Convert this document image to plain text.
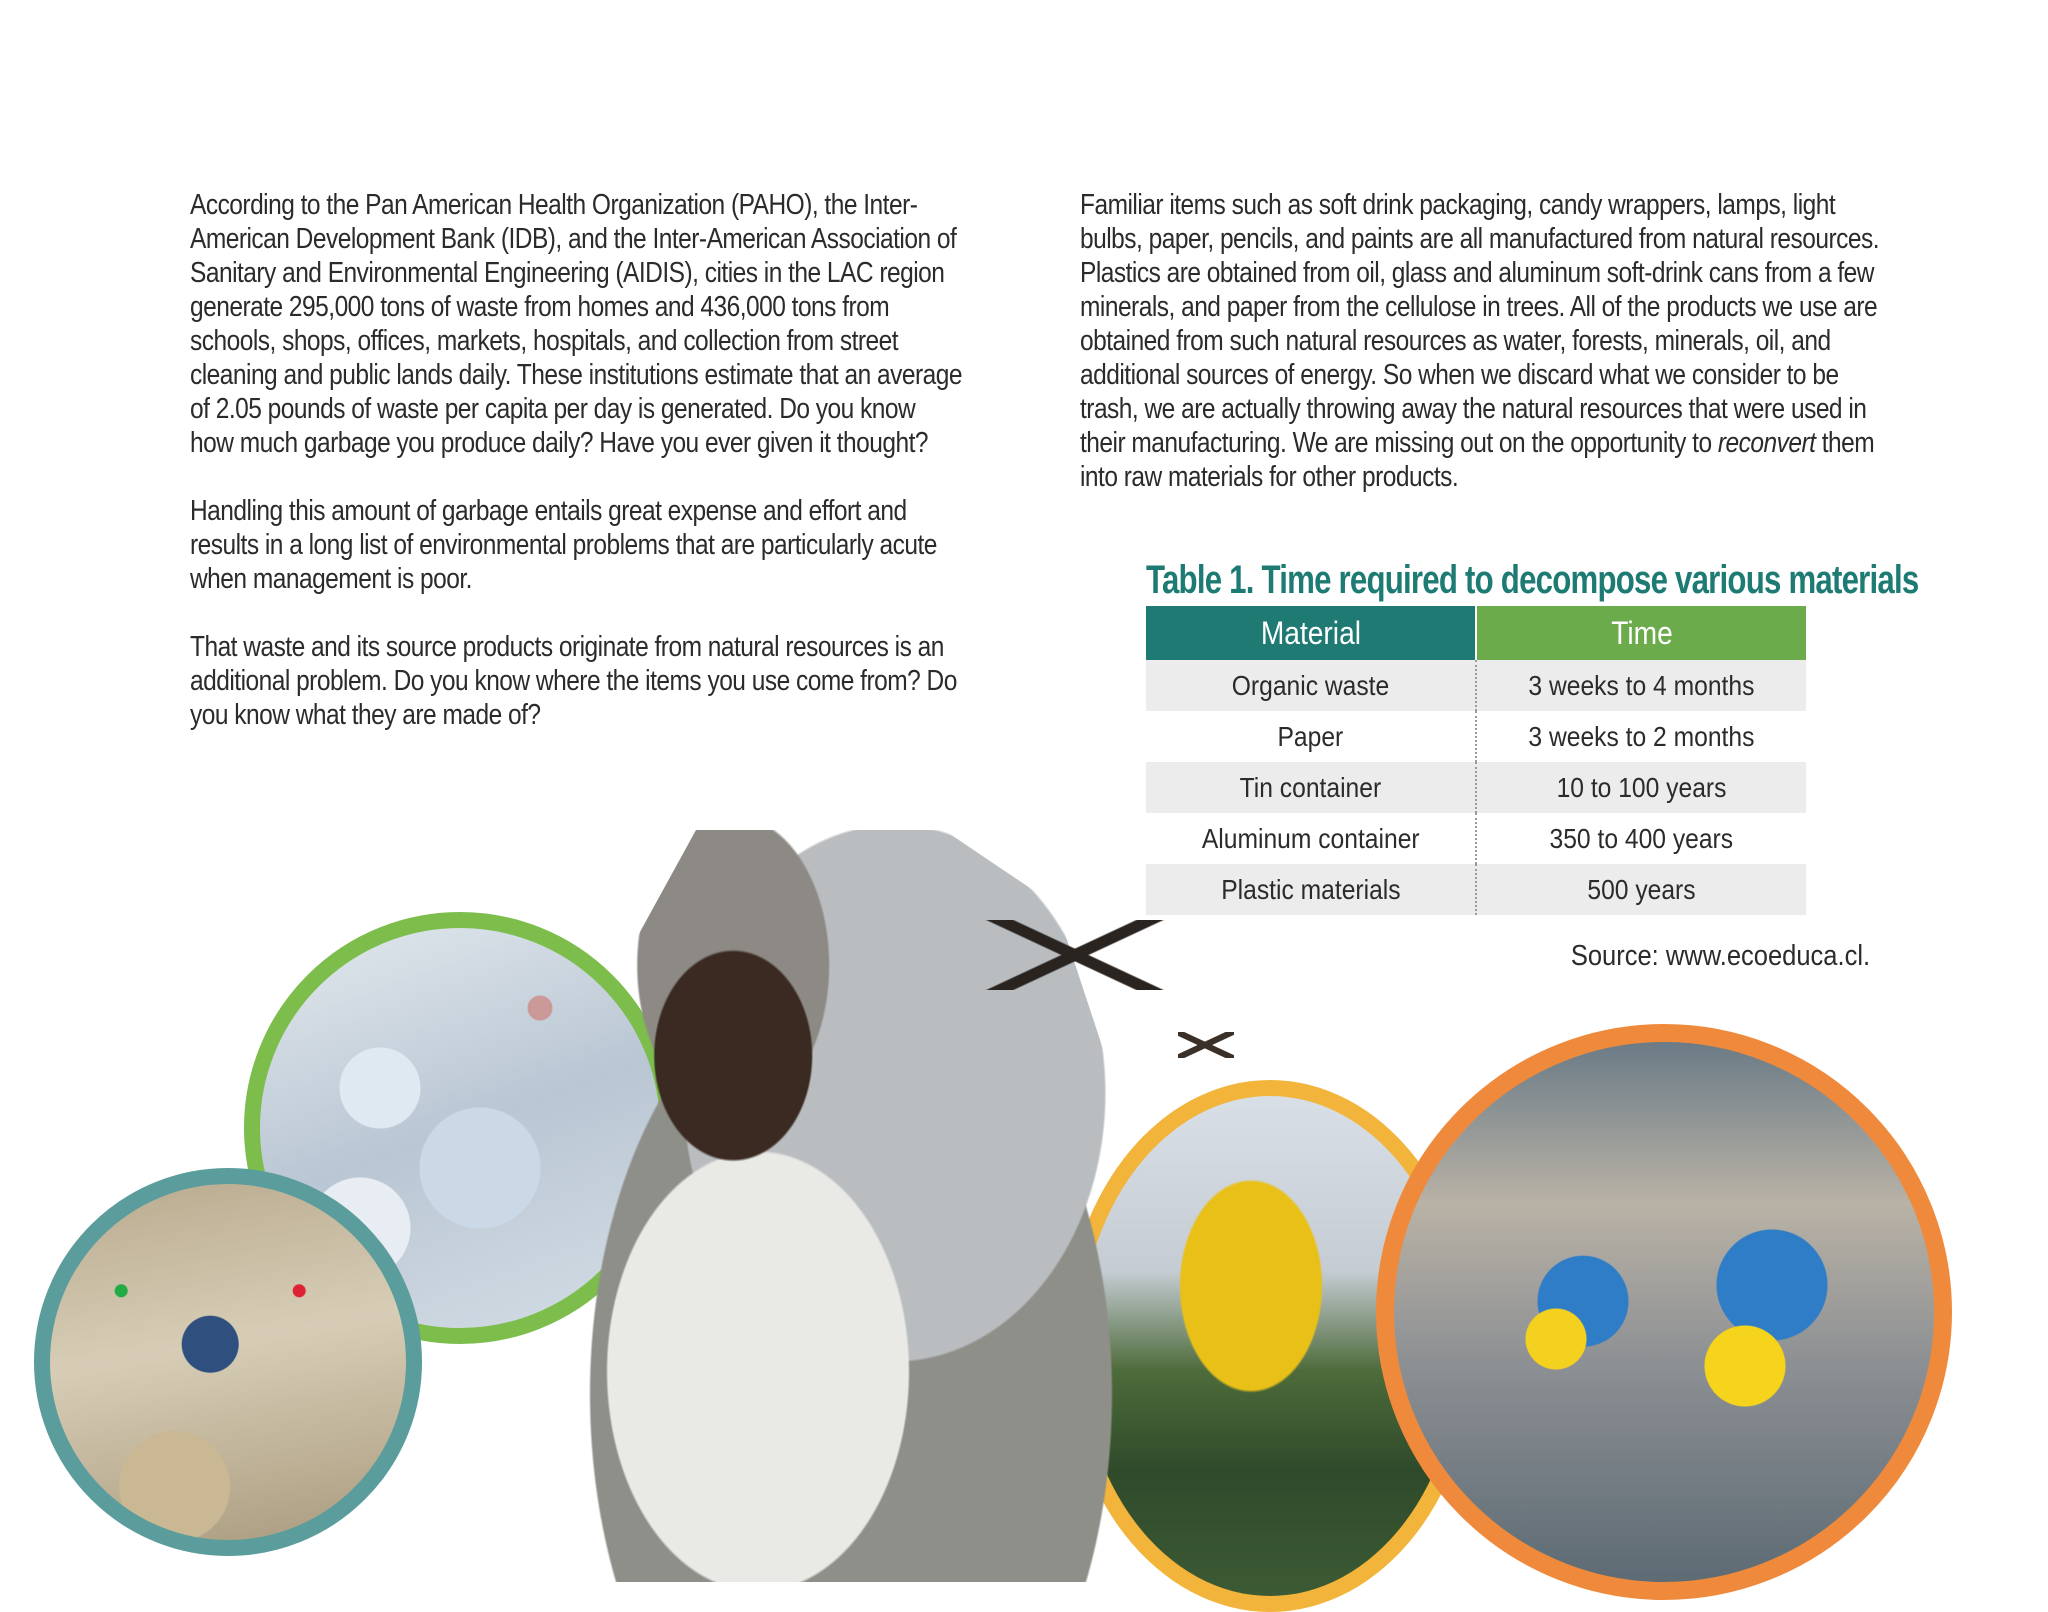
According to the Pan American Health Organization (PAHO), the Inter-American Development Bank (IDB), and the Inter-American Association of Sanitary and Environmental Engineering (AIDIS), cities in the LAC region generate 295,000 tons of waste from homes and 436,000 tons from schools, shops, offices, markets, hospitals, and collection from street cleaning and public lands daily. These institutions estimate that an average of 2.05 pounds of waste per capita per day is generated. Do you know how much garbage you produce daily? Have you ever given it thought?

Handling this amount of garbage entails great expense and effort and results in a long list of environmental problems that are particularly acute when management is poor.

That waste and its source products originate from natural resources is an additional problem. Do you know where the items you use come from? Do you know what they are made of?

Familiar items such as soft drink packaging, candy wrappers, lamps, light bulbs, paper, pencils, and paints are all manufactured from natural resources. Plastics are obtained from oil, glass and aluminum soft-drink cans from a few minerals, and paper from the cellulose in trees. All of the products we use are obtained from such natural resources as water, forests, minerals, oil, and additional sources of energy. So when we discard what we consider to be trash, we are actually throwing away the natural resources that were used in their manufacturing. We are missing out on the opportunity to reconvert them into raw materials for other products.

Table 1. Time required to decompose various materials
Material	Time
Organic waste	3 weeks to 4 months
Paper	3 weeks to 2 months
Tin container	10 to 100 years
Aluminum container	350 to 400 years
Plastic materials	500 years
Source: www.ecoeduca.cl.
